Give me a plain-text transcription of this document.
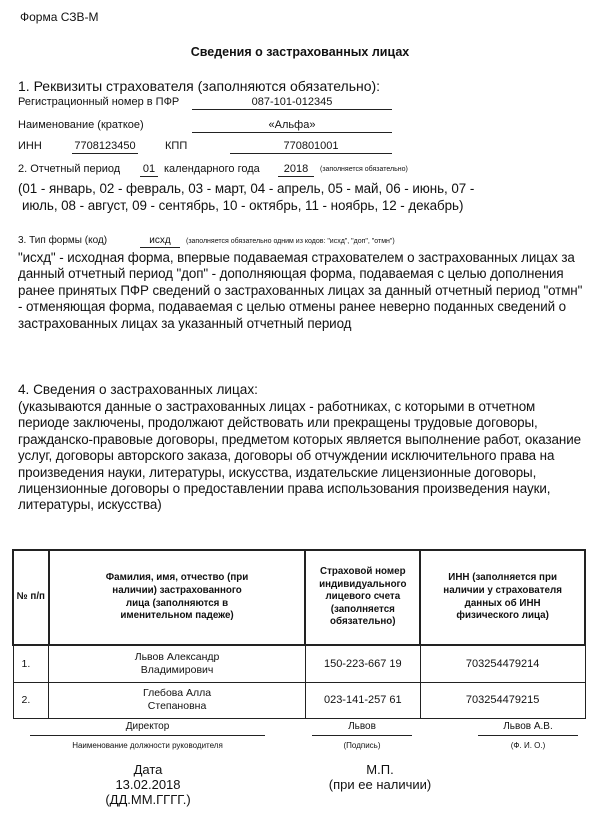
Форма СЗВ-М
Сведения о застрахованных лицах
1. Реквизиты страхователя (заполняются обязательно):
Регистрационный номер в ПФР	087-101-012345
Наименование (краткое)	«Альфа»
ИНН	7708123450	КПП	770801001
2. Отчетный период 01 календарного года	2018	(заполняется обязательно)
(01 - январь, 02 - февраль, 03 - март, 04 - апрель, 05 - май, 06 - июнь, 07 -
июль, 08 - август, 09 - сентябрь, 10 - октябрь, 11 - ноябрь, 12 - декабрь)
3. Тип формы (код)	исхд	(заполняется обязательно одним из кодов: "исхд", "доп", "отмн")
"исхд" - исходная форма, впервые подаваемая страхователем о застрахованных лицах за данный отчетный период "доп" - дополняющая форма, подаваемая с целью дополнения ранее принятых ПФР сведений о застрахованных лицах за данный отчетный период "отмн" - отменяющая форма, подаваемая с целью отмены ранее неверно поданных сведений о застрахованных лицах за указанный отчетный период
4. Сведения о застрахованных лицах:
(указываются данные о застрахованных лицах - работниках, с которыми в отчетном периоде заключены, продолжают действовать или прекращены трудовые договоры, гражданско-правовые договоры, предметом которых является выполнение работ, оказание услуг, договоры авторского заказа, договоры об отчуждении исключительного права на произведения науки, литературы, искусства, издательские лицензионные договоры, лицензионные договоры о предоставлении права использования произведения науки, литературы, искусства)
№ п/п	Фамилия, имя, отчество (при наличии) застрахованного лица (заполняются в именительном падеже)	Страховой номер индивидуального лицевого счета (заполняется обязательно)	ИНН (заполняется при наличии у страхователя данных об ИНН физического лица)
1.	Львов Александр Владимирович	150-223-667 19	703254479214
2.	Глебова Алла Степановна	023-141-257 61	703254479215
Директор
Наименование должности руководителя
Львов
(Подпись)
Львов А.В.
(Ф. И. О.)
Дата
13.02.2018
(ДД.ММ.ГГГГ.)
М.П.
(при ее наличии)
